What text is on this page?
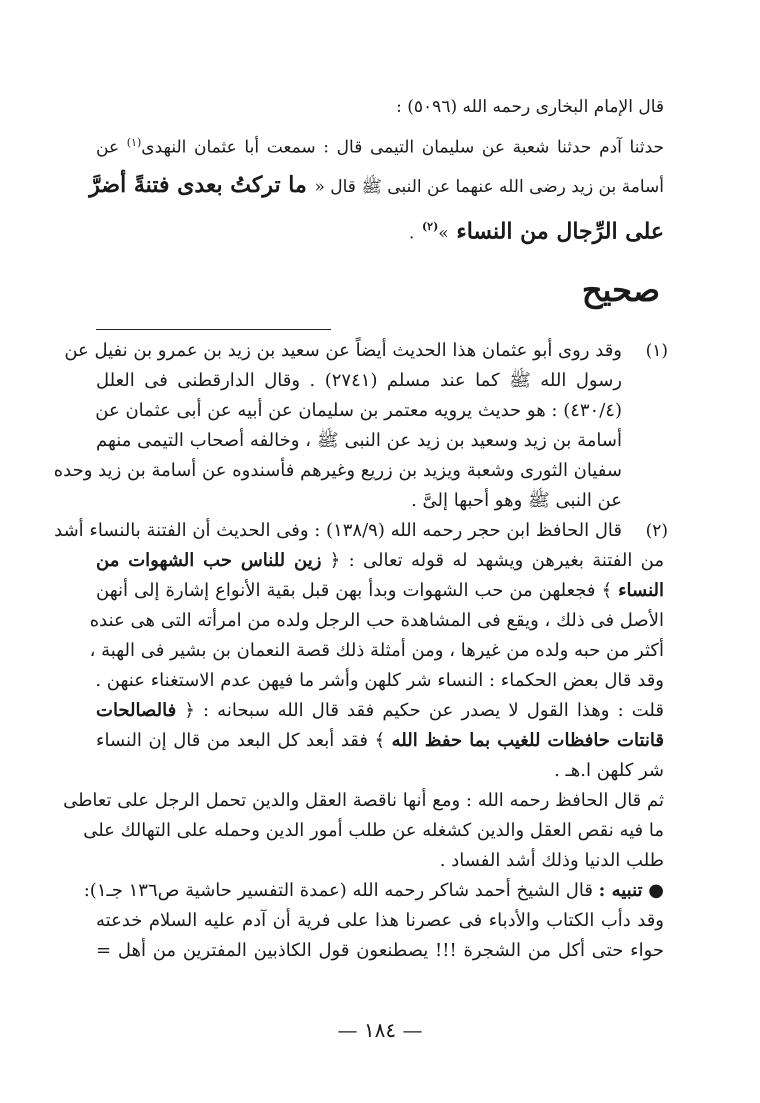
قال الإمام البخارى رحمه الله (٥٠٩٦) :
حدثنا آدم حدثنا شعبة عن سليمان التيمى قال : سمعت أبا عثمان النهدى$^{(١)}$ عن
أسامة بن زيد رضى الله عنهما عن النبى ﷺ قال « ما تركتُ بعدى فتنةً أضرَّ
على الرِّجال من النساء »$^{(٢)}$ .
صحيح
(١)
وقد روى أبو عثمان هذا الحديث أيضاً عن سعيد بن زيد بن عمرو بن نفيل عن
رسول الله ﷺ كما عند مسلم (٢٧٤١) . وقال الدارقطنى فى العلل
(٤٣٠/٤) : هو حديث يرويه معتمر بن سليمان عن أبيه عن أبى عثمان عن
أسامة بن زيد وسعيد بن زيد عن النبى ﷺ ، وخالفه أصحاب التيمى منهم
سفيان الثورى وشعبة ويزيد بن زريع وغيرهم فأسندوه عن أسامة بن زيد وحده
عن النبى ﷺ وهو أحبها إلىَّ .
(٢)
قال الحافظ ابن حجر رحمه الله (١٣٨/٩) : وفى الحديث أن الفتنة بالنساء أشد
من الفتنة بغيرهن ويشهد له قوله تعالى : ﴿ زين للناس حب الشهوات من
النساء ﴾ فجعلهن من حب الشهوات وبدأ بهن قبل بقية الأنواع إشارة إلى أنهن
الأصل فى ذلك ، ويقع فى المشاهدة حب الرجل ولده من امرأته التى هى عنده
أكثر من حبه ولده من غيرها ، ومن أمثلة ذلك قصة النعمان بن بشير فى الهبة ،
وقد قال بعض الحكماء : النساء شر كلهن وأشر ما فيهن عدم الاستغناء عنهن .
قلت : وهذا القول لا يصدر عن حكيم فقد قال الله سبحانه : ﴿ فالصالحات
قانتات حافظات للغيب بما حفظ الله ﴾ فقد أبعد كل البعد من قال إن النساء
شر كلهن ا.هـ .
ثم قال الحافظ رحمه الله : ومع أنها ناقصة العقل والدين تحمل الرجل على تعاطى
ما فيه نقص العقل والدين كشغله عن طلب أمور الدين وحمله على التهالك على
طلب الدنيا وذلك أشد الفساد .
● تنبيه : قال الشيخ أحمد شاكر رحمه الله (عمدة التفسير حاشية ص١٣٦ جـ١):
وقد دأب الكتاب والأدباء فى عصرنا هذا على فرية أن آدم عليه السلام خدعته
حواء حتى أكل من الشجرة !!! يصطنعون قول الكاذبين المفترين من أهل =
— ١٨٤ —
